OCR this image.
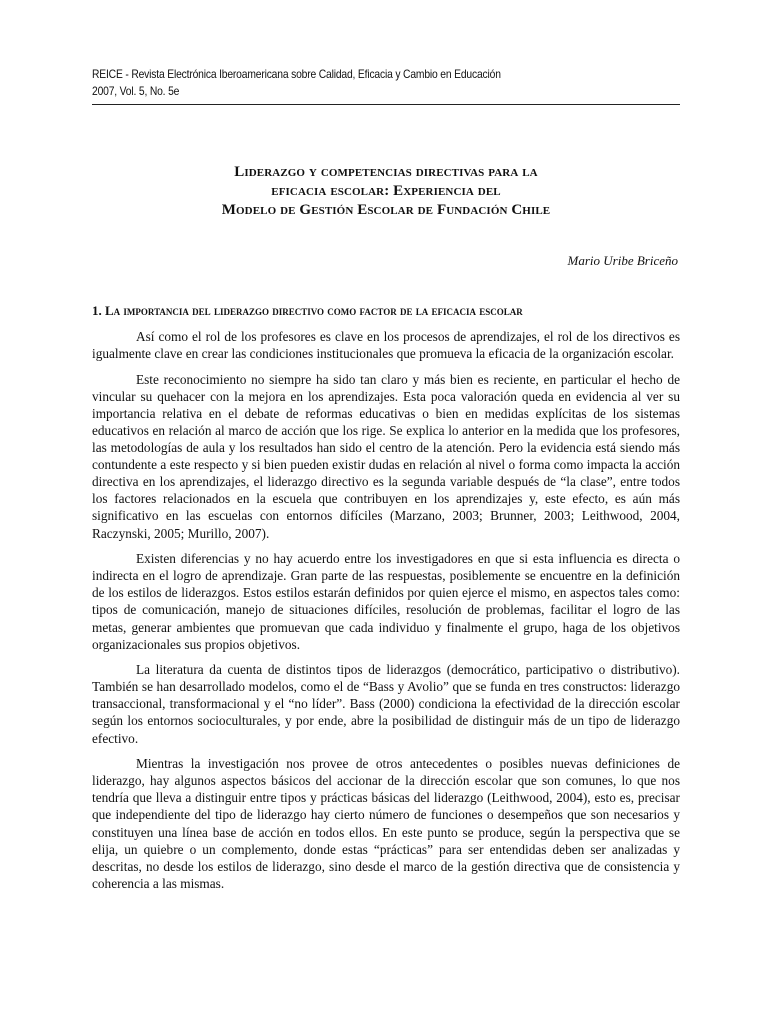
REICE - Revista Electrónica Iberoamericana sobre Calidad, Eficacia y Cambio en Educación
2007, Vol. 5, No. 5e
Liderazgo y competencias directivas para la
eficacia escolar: Experiencia del
Modelo de Gestión Escolar de Fundación Chile
Mario Uribe Briceño
1. La importancia del liderazgo directivo como factor de la eficacia escolar

Así como el rol de los profesores es clave en los procesos de aprendizajes, el rol de los directivos es igualmente clave en crear las condiciones institucionales que promueva la eficacia de la organización escolar.

Este reconocimiento no siempre ha sido tan claro y más bien es reciente, en particular el hecho de vincular su quehacer con la mejora en los aprendizajes. Esta poca valoración queda en evidencia al ver su importancia relativa en el debate de reformas educativas o bien en medidas explícitas de los sistemas educativos en relación al marco de acción que los rige. Se explica lo anterior en la medida que los profesores, las metodologías de aula y los resultados han sido el centro de la atención. Pero la evidencia está siendo más contundente a este respecto y si bien pueden existir dudas en relación al nivel o forma como impacta la acción directiva en los aprendizajes, el liderazgo directivo es la segunda variable después de “la clase”, entre todos los factores relacionados en la escuela que contribuyen en los aprendizajes y, este efecto, es aún más significativo en las escuelas con entornos difíciles (Marzano, 2003; Brunner, 2003; Leithwood, 2004, Raczynski, 2005; Murillo, 2007).

Existen diferencias y no hay acuerdo entre los investigadores en que si esta influencia es directa o indirecta en el logro de aprendizaje. Gran parte de las respuestas, posiblemente se encuentre en la definición de los estilos de liderazgos. Estos estilos estarán definidos por quien ejerce el mismo, en aspectos tales como: tipos de comunicación, manejo de situaciones difíciles, resolución de problemas, facilitar el logro de las metas, generar ambientes que promuevan que cada individuo y finalmente el grupo, haga de los objetivos organizacionales sus propios objetivos.

La literatura da cuenta de distintos tipos de liderazgos (democrático, participativo o distributivo). También se han desarrollado modelos, como el de “Bass y Avolio” que se funda en tres constructos: liderazgo transaccional, transformacional y el “no líder”. Bass (2000) condiciona la efectividad de la dirección escolar según los entornos socioculturales, y por ende, abre la posibilidad de distinguir más de un tipo de liderazgo efectivo.

Mientras la investigación nos provee de otros antecedentes o posibles nuevas definiciones de liderazgo, hay algunos aspectos básicos del accionar de la dirección escolar que son comunes, lo que nos tendría que lleva a distinguir entre tipos y prácticas básicas del liderazgo (Leithwood, 2004), esto es, precisar que independiente del tipo de liderazgo hay cierto número de funciones o desempeños que son necesarios y constituyen una línea base de acción en todos ellos. En este punto se produce, según la perspectiva que se elija, un quiebre o un complemento, donde estas “prácticas” para ser entendidas deben ser analizadas y descritas, no desde los estilos de liderazgo, sino desde el marco de la gestión directiva que de consistencia y coherencia a las mismas.
